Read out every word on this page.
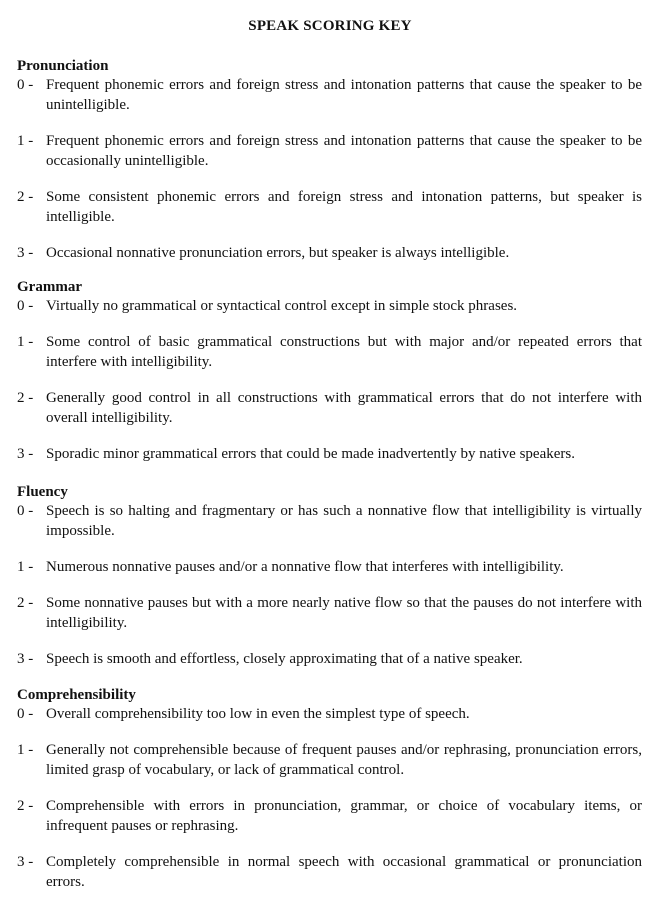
SPEAK SCORING KEY
Pronunciation
0 - Frequent phonemic errors and foreign stress and intonation patterns that cause the speaker to be unintelligible.
1 - Frequent phonemic errors and foreign stress and intonation patterns that cause the speaker to be occasionally unintelligible.
2 - Some consistent phonemic errors and foreign stress and intonation patterns, but speaker is intelligible.
3 - Occasional nonnative pronunciation errors, but speaker is always intelligible.
Grammar
0 - Virtually no grammatical or syntactical control except in simple stock phrases.
1 - Some control of basic grammatical constructions but with major and/or repeated errors that interfere with intelligibility.
2 - Generally good control in all constructions with grammatical errors that do not interfere with overall intelligibility.
3 - Sporadic minor grammatical errors that could be made inadvertently by native speakers.
Fluency
0 - Speech is so halting and fragmentary or has such a nonnative flow that intelligibility is virtually impossible.
1 - Numerous nonnative pauses and/or a nonnative flow that interferes with intelligibility.
2 - Some nonnative pauses but with a more nearly native flow so that the pauses do not interfere with intelligibility.
3 - Speech is smooth and effortless, closely approximating that of a native speaker.
Comprehensibility
0 - Overall comprehensibility too low in even the simplest type of speech.
1 - Generally not comprehensible because of frequent pauses and/or rephrasing, pronunciation errors, limited grasp of vocabulary, or lack of grammatical control.
2 - Comprehensible with errors in pronunciation, grammar, or choice of vocabulary items, or infrequent pauses or rephrasing.
3 - Completely comprehensible in normal speech with occasional grammatical or pronunciation errors.
